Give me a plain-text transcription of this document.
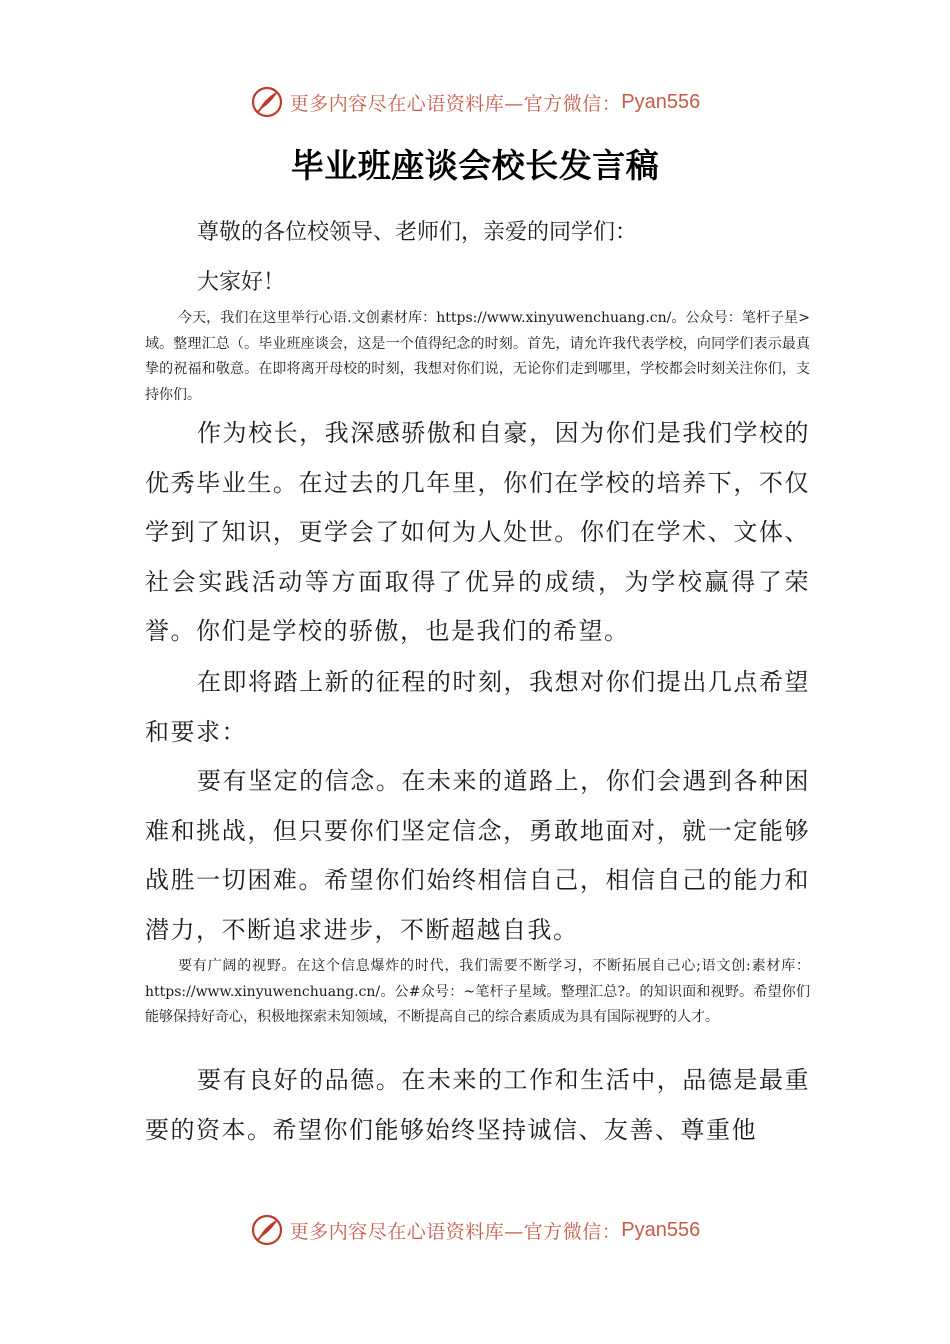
更多内容尽在心语资料库—官方微信： Pyan556
毕业班座谈会校长发言稿

尊敬的各位校领导、老师们，亲爱的同学们：

大家好！

今天，我们在这里举行心语.文创素材库：https://www.xinyuwenchuang.cn/。公众号：笔杆子星>域。整理汇总（。毕业班座谈会，这是一个值得纪念的时刻。首先，请允许我代表学校，向同学们表示最真挚的祝福和敬意。在即将离开母校的时刻，我想对你们说，无论你们走到哪里，学校都会时刻关注你们，支持你们。

作为校长，我深感骄傲和自豪，因为你们是我们学校的优秀毕业生。在过去的几年里，你们在学校的培养下，不仅学到了知识，更学会了如何为人处世。你们在学术、文体、社会实践活动等方面取得了优异的成绩，为学校赢得了荣誉。你们是学校的骄傲，也是我们的希望。

在即将踏上新的征程的时刻，我想对你们提出几点希望和要求：

要有坚定的信念。在未来的道路上，你们会遇到各种困难和挑战，但只要你们坚定信念，勇敢地面对，就一定能够战胜一切困难。希望你们始终相信自己，相信自己的能力和潜力，不断追求进步，不断超越自我。

要有广阔的视野。在这个信息爆炸的时代，我们需要不断学习，不断拓展自己心;语文创:素材库：https://www.xinyuwenchuang.cn/。公#众号：~笔杆子星域。整理汇总?。的知识面和视野。希望你们能够保持好奇心，积极地探索未知领域，不断提高自己的综合素质成为具有国际视野的人才。

要有良好的品德。在未来的工作和生活中，品德是最重要的资本。希望你们能够始终坚持诚信、友善、尊重他

更多内容尽在心语资料库—官方微信： Pyan556
